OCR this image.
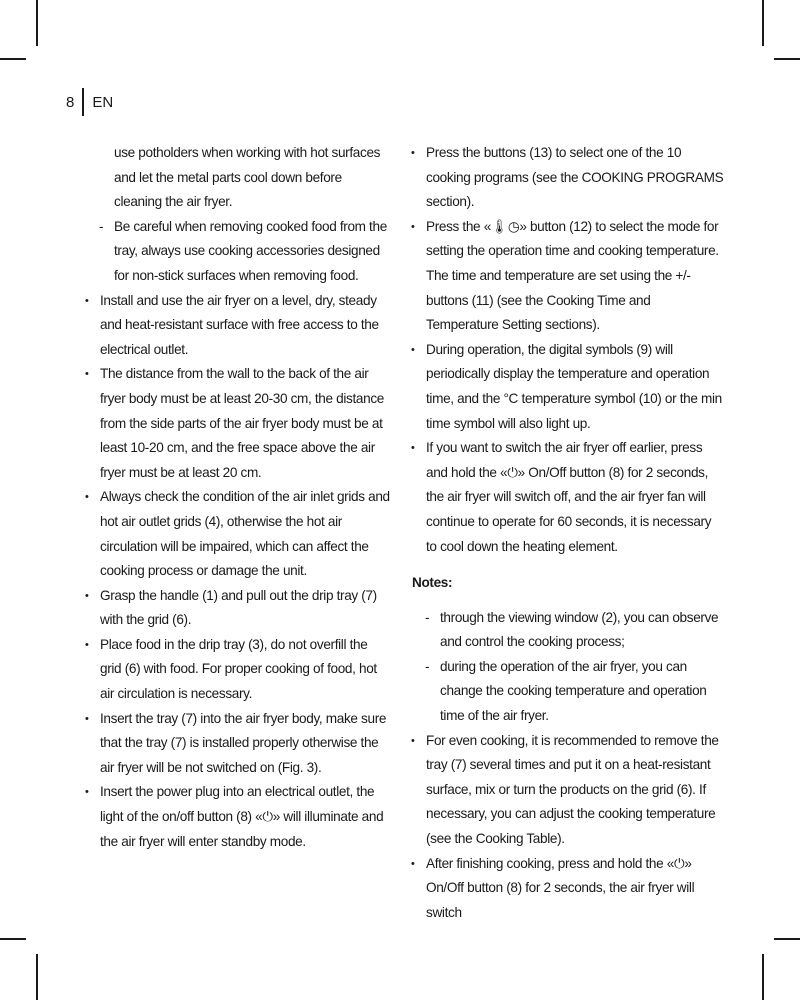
8	EN

use potholders when working with hot surfaces and let the metal parts cool down before cleaning the air fryer.

- Be careful when removing cooked food from the tray, always use cooking accessories designed for non-stick surfaces when removing food.

• Install and use the air fryer on a level, dry, steady and heat-resistant surface with free access to the electrical outlet.

• The distance from the wall to the back of the air fryer body must be at least 20-30 cm, the distance from the side parts of the air fryer body must be at least 10-20 cm, and the free space above the air fryer must be at least 20 cm.

• Always check the condition of the air inlet grids and hot air outlet grids (4), otherwise the hot air circulation will be impaired, which can affect the cooking process or damage the unit.

• Grasp the handle (1) and pull out the drip tray (7) with the grid (6).

• Place food in the drip tray (3), do not overfill the grid (6) with food. For proper cooking of food, hot air circulation is necessary.

• Insert the tray (7) into the air fryer body, make sure that the tray (7) is installed properly otherwise the air fryer will be not switched on (Fig. 3).

• Insert the power plug into an electrical outlet, the light of the on/off button (8) «⏻» will illuminate and the air fryer will enter standby mode.

• Press the buttons (13) to select one of the 10 cooking programs (see the COOKING PROGRAMS section).

• Press the «🌡◷» button (12) to select the mode for setting the operation time and cooking temperature. The time and temperature are set using the +/- buttons (11) (see the Cooking Time and Temperature Setting sections).

• During operation, the digital symbols (9) will periodically display the temperature and operation time, and the °C temperature symbol (10) or the min time symbol will also light up.

• If you want to switch the air fryer off earlier, press and hold the «⏻» On/Off button (8) for 2 seconds, the air fryer will switch off, and the air fryer fan will continue to operate for 60 seconds, it is necessary to cool down the heating element.

Notes:

- through the viewing window (2), you can observe and control the cooking process;

- during the operation of the air fryer, you can change the cooking temperature and operation time of the air fryer.

• For even cooking, it is recommended to remove the tray (7) several times and put it on a heat-resistant surface, mix or turn the products on the grid (6). If necessary, you can adjust the cooking temperature (see the Cooking Table).

• After finishing cooking, press and hold the «⏻» On/Off button (8) for 2 seconds, the air fryer will switch
